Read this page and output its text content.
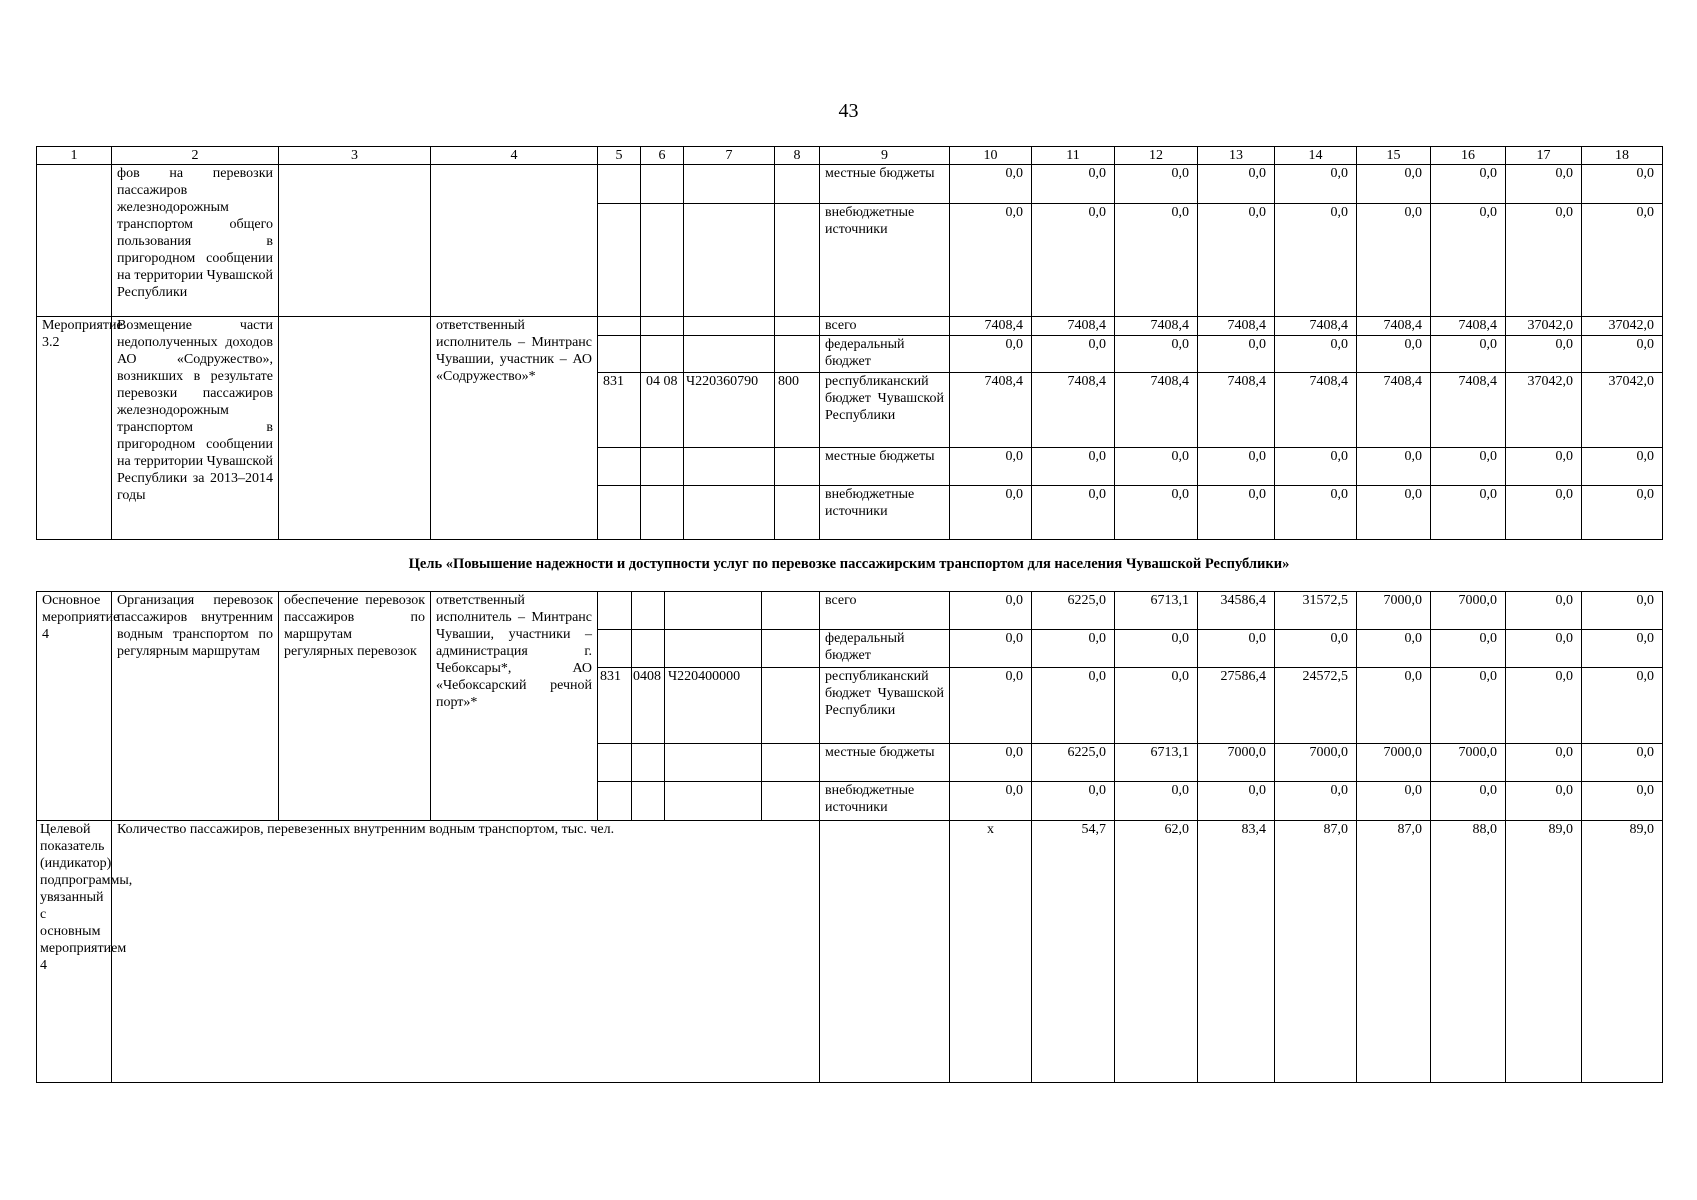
43
1	2	3	4	5	6	7	8	9	10	11	12	13	14	15	16	17	18
	фов на перевозки пассажиров железнодорожным транспортом общего пользования в пригородном сообщении на территории Чувашской Республики							местные бюджеты	0,0	0,0	0,0	0,0	0,0	0,0	0,0	0,0	0,0
								внебюджетные источники	0,0	0,0	0,0	0,0	0,0	0,0	0,0	0,0	0,0
Мероприятие 3.2	Возмещение части недополученных доходов АО «Содружество», возникших в результате перевозки пассажиров железнодорожным транспортом в пригородном сообщении на территории Чувашской Республики за 2013–2014 годы		ответственный исполнитель – Минтранс Чувашии, участник – АО «Содружество»*					всего	7408,4	7408,4	7408,4	7408,4	7408,4	7408,4	7408,4	37042,0	37042,0
								федеральный бюджет	0,0	0,0	0,0	0,0	0,0	0,0	0,0	0,0	0,0
				831	04 08	Ч220360790	800	республиканский бюджет Чувашской Республики	7408,4	7408,4	7408,4	7408,4	7408,4	7408,4	7408,4	37042,0	37042,0
								местные бюджеты	0,0	0,0	0,0	0,0	0,0	0,0	0,0	0,0	0,0
								внебюджетные источники	0,0	0,0	0,0	0,0	0,0	0,0	0,0	0,0	0,0
Цель «Повышение надежности и доступности услуг по перевозке пассажирским транспортом для населения Чувашской Республики»
Основное мероприятие 4	Организация перевозок пассажиров внутренним водным транспортом по регулярным маршрутам	обеспечение перевозок пассажиров по маршрутам регулярных перевозок	ответственный исполнитель – Минтранс Чувашии, участники – администрация г. Чебоксары*, АО «Чебоксарский речной порт»*					всего	0,0	6225,0	6713,1	34586,4	31572,5	7000,0	7000,0	0,0	0,0
								федеральный бюджет	0,0	0,0	0,0	0,0	0,0	0,0	0,0	0,0	0,0
				831	0408	Ч220400000		республиканский бюджет Чувашской Республики	0,0	0,0	0,0	27586,4	24572,5	0,0	0,0	0,0	0,0
								местные бюджеты	0,0	6225,0	6713,1	7000,0	7000,0	7000,0	7000,0	0,0	0,0
								внебюджетные источники	0,0	0,0	0,0	0,0	0,0	0,0	0,0	0,0	0,0
Целевой показатель (индикатор) подпрограммы, увязанный с основным мероприятием 4	Количество пассажиров, перевезенных внутренним водным транспортом, тыс. чел.								x	54,7	62,0	83,4	87,0	87,0	88,0	89,0	89,0
